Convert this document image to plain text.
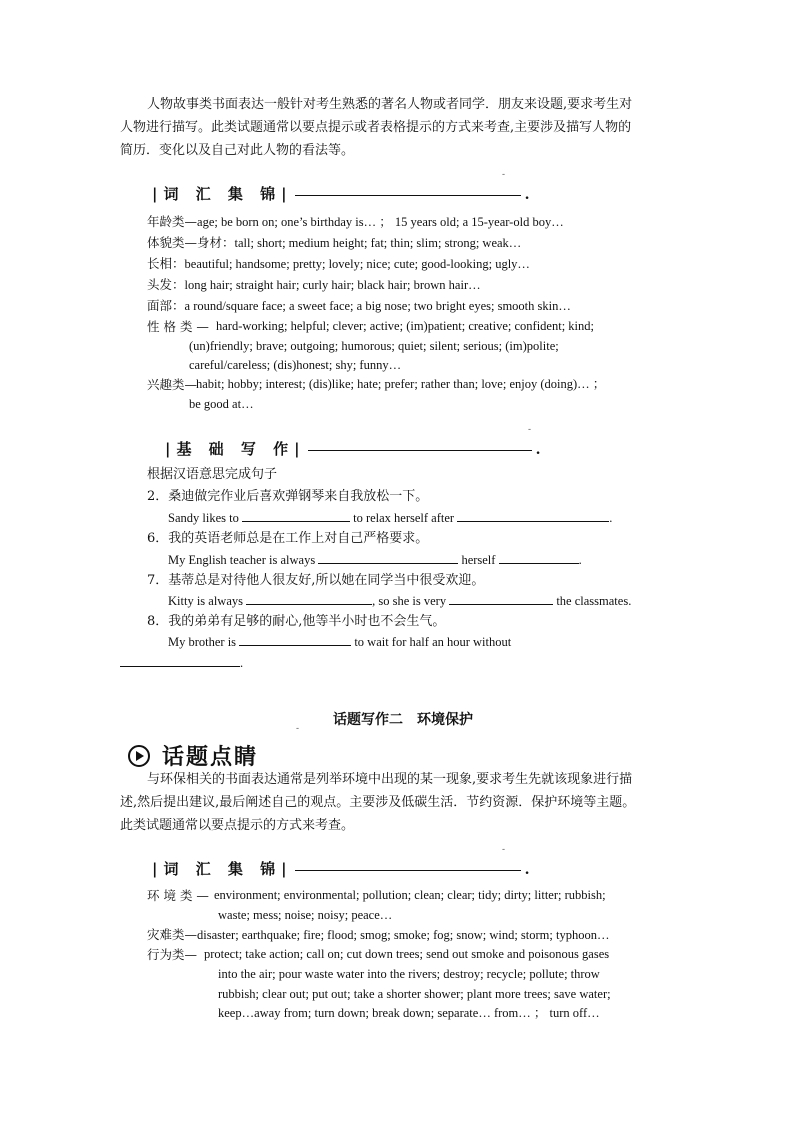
人物故事类书面表达一般针对考生熟悉的著名人物或者同学．朋友来设题,要求考生对

人物进行描写。此类试题通常以要点提示或者表格提示的方式来考查,主要涉及描写人物的

简历．变化以及自己对此人物的看法等。

-
|词 汇 集 锦|	.
年龄类—age; be born on; one’s birthday is… ； 15 years old; a 15-year-old boy…
体貌类—身材：tall; short; medium height; fat; thin; slim; strong; weak…
长相：beautiful; handsome; pretty; lovely; nice; cute; good-looking; ugly…
头发：long hair; straight hair; curly hair; black hair; brown hair…
面部：a round/square face; a sweet face; a big nose; two bright eyes; smooth skin…
性 格 类 — hard-working; helpful; clever; active; (im)patient; creative; confident; kind;
(un)friendly; brave; outgoing; humorous; quiet; silent; serious; (im)polite;
careful/careless; (dis)honest; shy; funny…
兴趣类—
habit; hobby; interest; (dis)like; hate; prefer; rather than; love; enjoy (doing)… ；
be good at…
-
|基 础 写 作|	.
根据汉语意思完成句子
2．桑迪做完作业后喜欢弹钢琴来自我放松一下。
Sandy likes to	to relax herself after	.
6．我的英语老师总是在工作上对自己严格要求。
My English teacher is always	herself	.
7．基蒂总是对待他人很友好,所以她在同学当中很受欢迎。
Kitty is always	, so she is very	the classmates.
8．我的弟弟有足够的耐心,他等半小时也不会生气。
My brother is	to wait for half an hour without
.
话题写作二　环境保护
-
话题点睛

与环保相关的书面表达通常是列举环境中出现的某一现象,要求考生先就该现象进行描

述,然后提出建议,最后阐述自己的观点。主要涉及低碳生活．节约资源．保护环境等主题。

此类试题通常以要点提示的方式来考查。

-
|词 汇 集 锦|	.
环 境 类 — environment; environmental; pollution; clean; clear; tidy; dirty; litter; rubbish;
waste; mess; noise; noisy; peace…
灾难类—disaster; earthquake; fire; flood; smog; smoke; fog; snow; wind; storm; typhoon…
行为类— protect; take action; call on; cut down trees; send out smoke and poisonous gases
into the air; pour waste water into the rivers; destroy; recycle; pollute; throw
rubbish; clear out; put out; take a shorter shower; plant more trees; save water;
keep…away from; turn down; break down; separate… from… ； turn off…
